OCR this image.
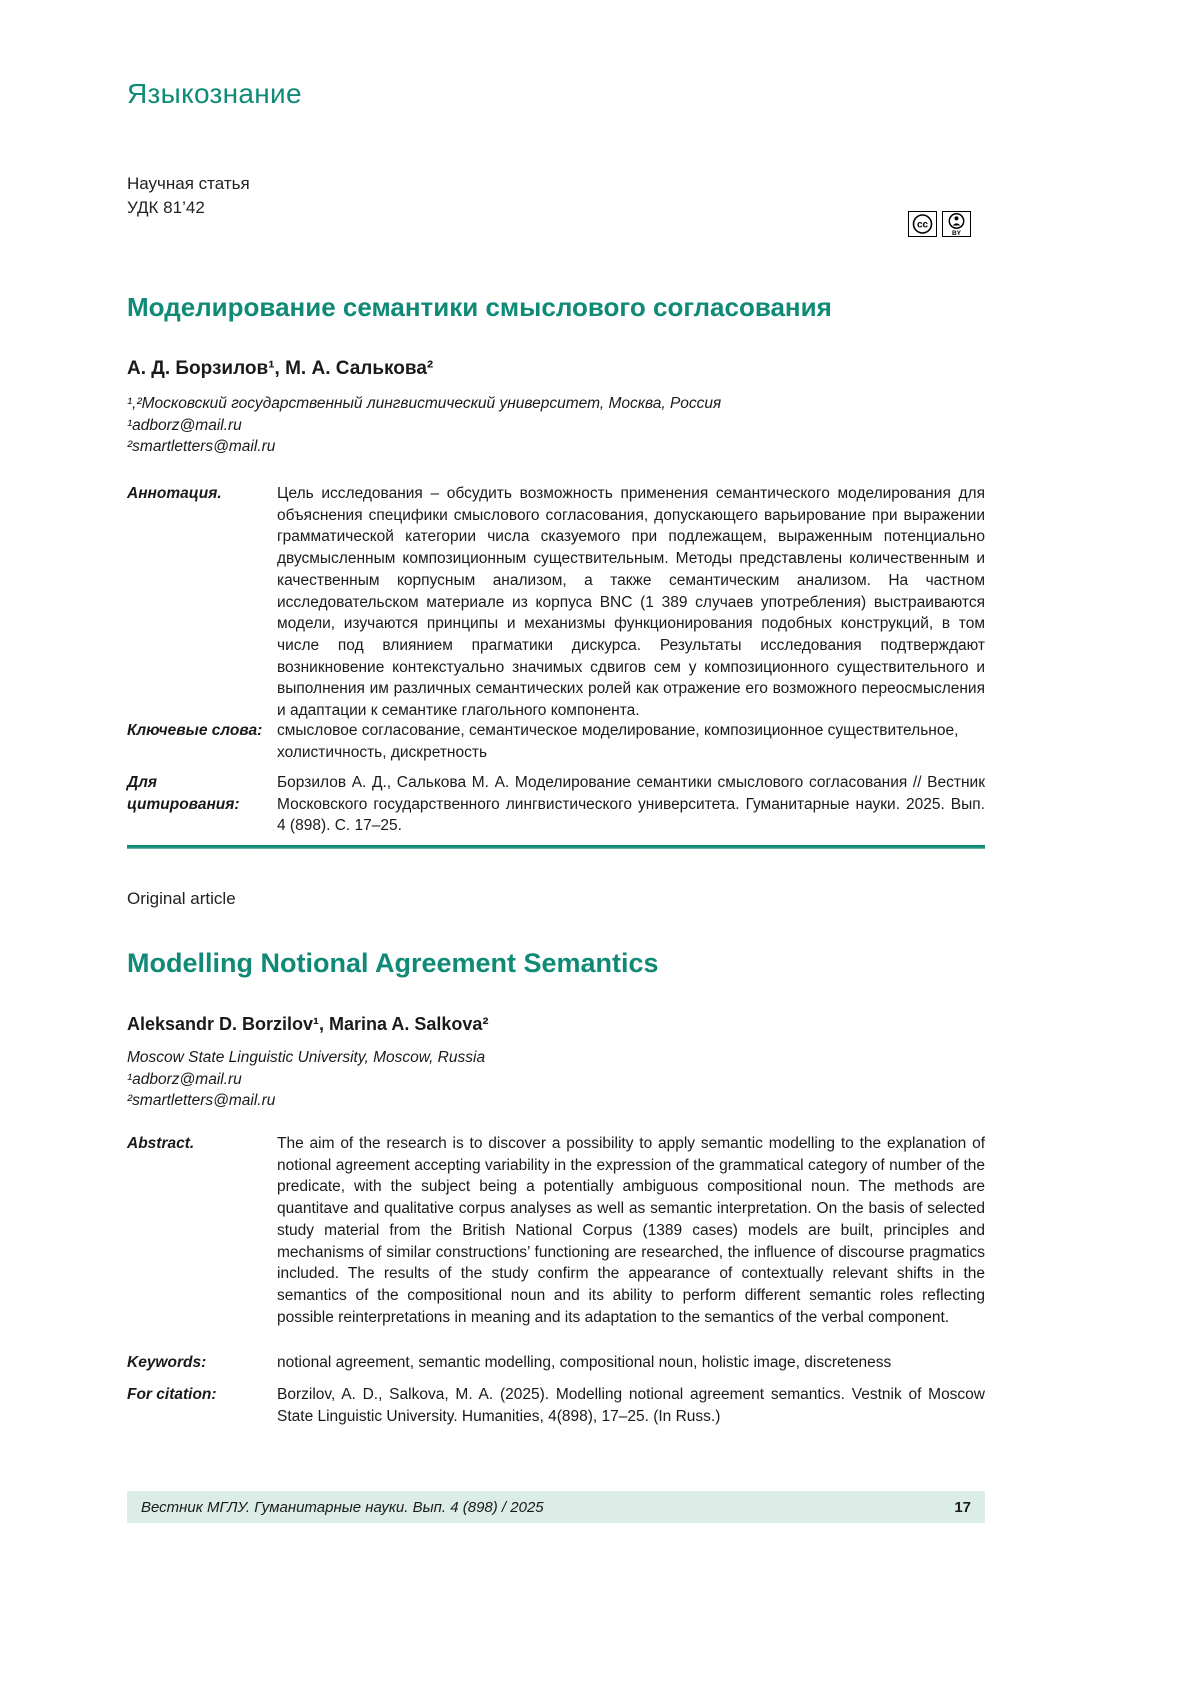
Языкознание
Научная статья
УДК 81’42
cc
BY
Моделирование семантики смыслового согласования
А. Д. Борзилов¹, М. А. Салькова²
¹,²Московский государственный лингвистический университет, Москва, Россия
¹adborz@mail.ru
²smartletters@mail.ru
Аннотация.	Цель исследования – обсудить возможность применения семантического моделирования для объяснения специфики смыслового согласования, допускающего варьирование при выражении грамматической категории числа сказуемого при подлежащем, выраженным потенциально двусмысленным композиционным существительным. Методы представлены количественным и качественным корпусным анализом, а также семантическим анализом. На частном исследовательском материале из корпуса BNC (1 389 случаев употребления) выстраиваются модели, изучаются принципы и механизмы функционирования подобных конструкций, в том числе под влиянием прагматики дискурса. Результаты исследования подтверждают возникновение контекстуально значимых сдвигов сем у композиционного существительного и выполнения им различных семантических ролей как отражение его возможного переосмысления и адаптации к семантике глагольного компонента.
Ключевые слова: смысловое согласование, семантическое моделирование, композиционное существительное, холистичность, дискретность
Для цитирования:
Борзилов А. Д., Салькова М. А. Моделирование семантики смыслового согласования // Вестник Московского государственного лингвистического университета. Гуманитарные науки. 2025. Вып. 4 (898). С. 17–25.
Original article
Modelling Notional Agreement Semantics
Aleksandr D. Borzilov¹, Marina A. Salkova²
Moscow State Linguistic University, Moscow, Russia
¹adborz@mail.ru
²smartletters@mail.ru
Abstract.	The aim of the research is to discover a possibility to apply semantic modelling to the explanation of notional agreement accepting variability in the expression of the grammatical category of number of the predicate, with the subject being a potentially ambiguous compositional noun. The methods are quantitave and qualitative corpus analyses as well as semantic interpretation. On the basis of selected study material from the British National Corpus (1389 cases) models are built, principles and mechanisms of similar constructions’ functioning are researched, the influence of discourse pragmatics included. The results of the study confirm the appearance of contextually relevant shifts in the semantics of the compositional noun and its ability to perform different semantic roles reflecting possible reinterpretations in meaning and its adaptation to the semantics of the verbal component.
Keywords:	notional agreement, semantic modelling, compositional noun, holistic image, discreteness
For citation:	Borzilov, A. D., Salkova, M. A. (2025). Modelling notional agreement semantics. Vestnik of Moscow State Linguistic University. Humanities, 4(898), 17–25. (In Russ.)
Вестник МГЛУ. Гуманитарные науки. Вып. 4 (898) / 2025	17
